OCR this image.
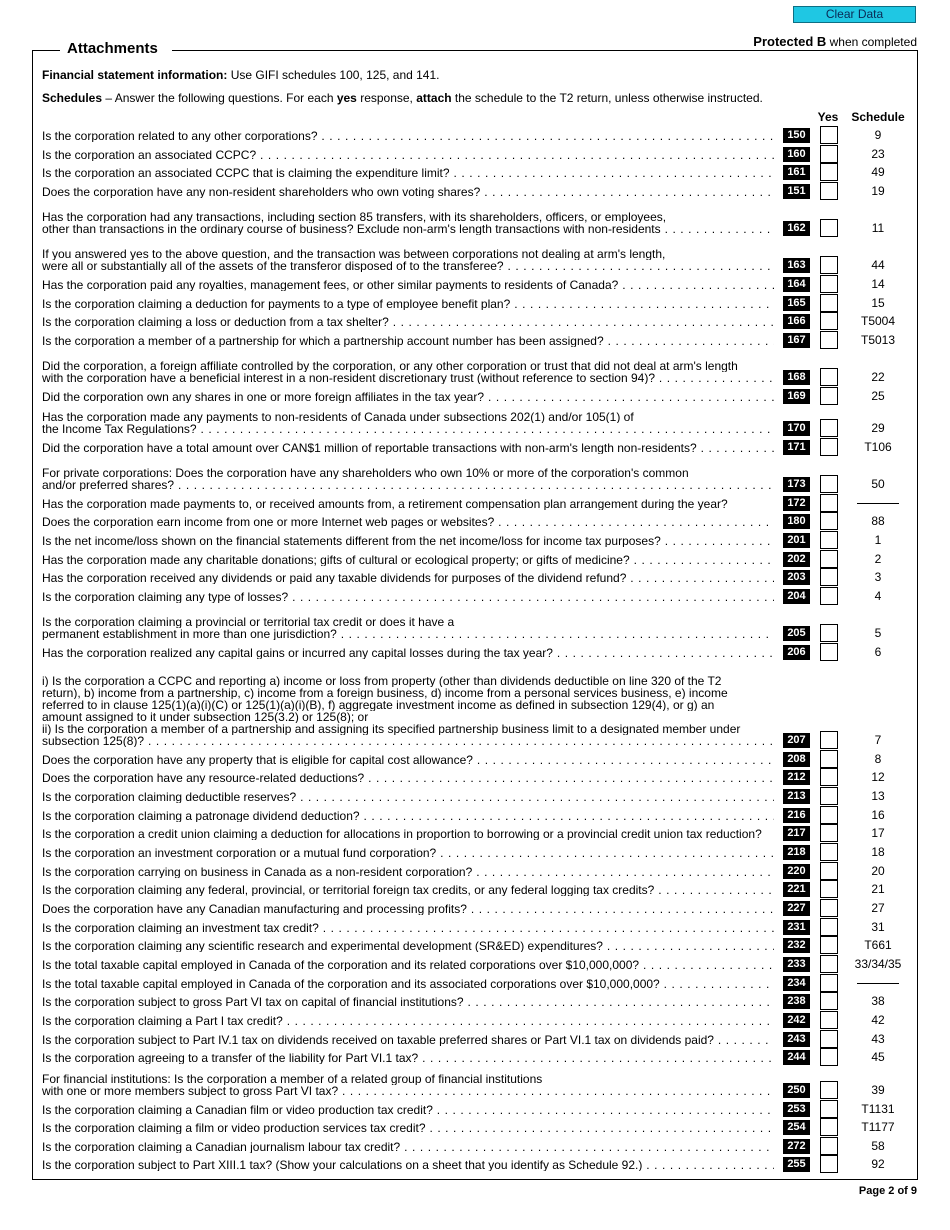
Clear Data
Protected B when completed
Attachments
Financial statement information: Use GIFI schedules 100, 125, and 141.
Schedules – Answer the following questions. For each yes response, attach the schedule to the T2 return, unless otherwise instructed.
Yes	Schedule
Is the corporation related to any other corporations? . . .	150	9
Is the corporation an associated CCPC? . . .	160	23
Is the corporation an associated CCPC that is claiming the expenditure limit? . . .	161	49
Does the corporation have any non-resident shareholders who own voting shares? . . .	151	19
Has the corporation had any transactions, including section 85 transfers, with its shareholders, officers, or employees,
other than transactions in the ordinary course of business? Exclude non-arm's length transactions with non-residents . . .	162	11
If you answered yes to the above question, and the transaction was between corporations not dealing at arm's length,
were all or substantially all of the assets of the transferor disposed of to the transferee? . . .	163	44
Has the corporation paid any royalties, management fees, or other similar payments to residents of Canada? . . .	164	14
Is the corporation claiming a deduction for payments to a type of employee benefit plan? . . .	165	15
Is the corporation claiming a loss or deduction from a tax shelter? . . .	166	T5004
Is the corporation a member of a partnership for which a partnership account number has been assigned? . . .	167	T5013
Did the corporation, a foreign affiliate controlled by the corporation, or any other corporation or trust that did not deal at arm's length
with the corporation have a beneficial interest in a non-resident discretionary trust (without reference to section 94)? . . .	168	22
Did the corporation own any shares in one or more foreign affiliates in the tax year? . . .	169	25
Has the corporation made any payments to non-residents of Canada under subsections 202(1) and/or 105(1) of
the Income Tax Regulations? . . .	170	29
Did the corporation have a total amount over CAN$1 million of reportable transactions with non-arm's length non-residents? . . .	171	T106
For private corporations: Does the corporation have any shareholders who own 10% or more of the corporation's common
and/or preferred shares? . . .	173	50
Has the corporation made payments to, or received amounts from, a retirement compensation plan arrangement during the year?	172
Does the corporation earn income from one or more Internet web pages or websites? . . .	180	88
Is the net income/loss shown on the financial statements different from the net income/loss for income tax purposes? . . .	201	1
Has the corporation made any charitable donations; gifts of cultural or ecological property; or gifts of medicine? . . .	202	2
Has the corporation received any dividends or paid any taxable dividends for purposes of the dividend refund? . . .	203	3
Is the corporation claiming any type of losses? . . .	204	4
Is the corporation claiming a provincial or territorial tax credit or does it have a
permanent establishment in more than one jurisdiction? . . .	205	5
Has the corporation realized any capital gains or incurred any capital losses during the tax year? . . .	206	6
i) Is the corporation a CCPC and reporting a) income or loss from property (other than dividends deductible on line 320 of the T2
return), b) income from a partnership, c) income from a foreign business, d) income from a personal services business, e) income
referred to in clause 125(1)(a)(i)(C) or 125(1)(a)(i)(B), f) aggregate investment income as defined in subsection 129(4), or g) an
amount assigned to it under subsection 125(3.2) or 125(8); or
ii) Is the corporation a member of a partnership and assigning its specified partnership business limit to a designated member under
subsection 125(8)? . . .	207	7
Does the corporation have any property that is eligible for capital cost allowance? . . .	208	8
Does the corporation have any resource-related deductions? . . .	212	12
Is the corporation claiming deductible reserves? . . .	213	13
Is the corporation claiming a patronage dividend deduction? . . .	216	16
Is the corporation a credit union claiming a deduction for allocations in proportion to borrowing or a provincial credit union tax reduction?	217	17
Is the corporation an investment corporation or a mutual fund corporation? . . .	218	18
Is the corporation carrying on business in Canada as a non-resident corporation? . . .	220	20
Is the corporation claiming any federal, provincial, or territorial foreign tax credits, or any federal logging tax credits? . . .	221	21
Does the corporation have any Canadian manufacturing and processing profits? . . .	227	27
Is the corporation claiming an investment tax credit? . . .	231	31
Is the corporation claiming any scientific research and experimental development (SR&ED) expenditures? . . .	232	T661
Is the total taxable capital employed in Canada of the corporation and its related corporations over $10,000,000? . . .	233	33/34/35
Is the total taxable capital employed in Canada of the corporation and its associated corporations over $10,000,000? . . .	234
Is the corporation subject to gross Part VI tax on capital of financial institutions? . . .	238	38
Is the corporation claiming a Part I tax credit? . . .	242	42
Is the corporation subject to Part IV.1 tax on dividends received on taxable preferred shares or Part VI.1 tax on dividends paid? . . .	243	43
Is the corporation agreeing to a transfer of the liability for Part VI.1 tax? . . .	244	45
For financial institutions: Is the corporation a member of a related group of financial institutions
with one or more members subject to gross Part VI tax? . . .	250	39
Is the corporation claiming a Canadian film or video production tax credit? . . .	253	T1131
Is the corporation claiming a film or video production services tax credit? . . .	254	T1177
Is the corporation claiming a Canadian journalism labour tax credit? . . .	272	58
Is the corporation subject to Part XIII.1 tax? (Show your calculations on a sheet that you identify as Schedule 92.) . . .	255	92
Page 2 of 9
